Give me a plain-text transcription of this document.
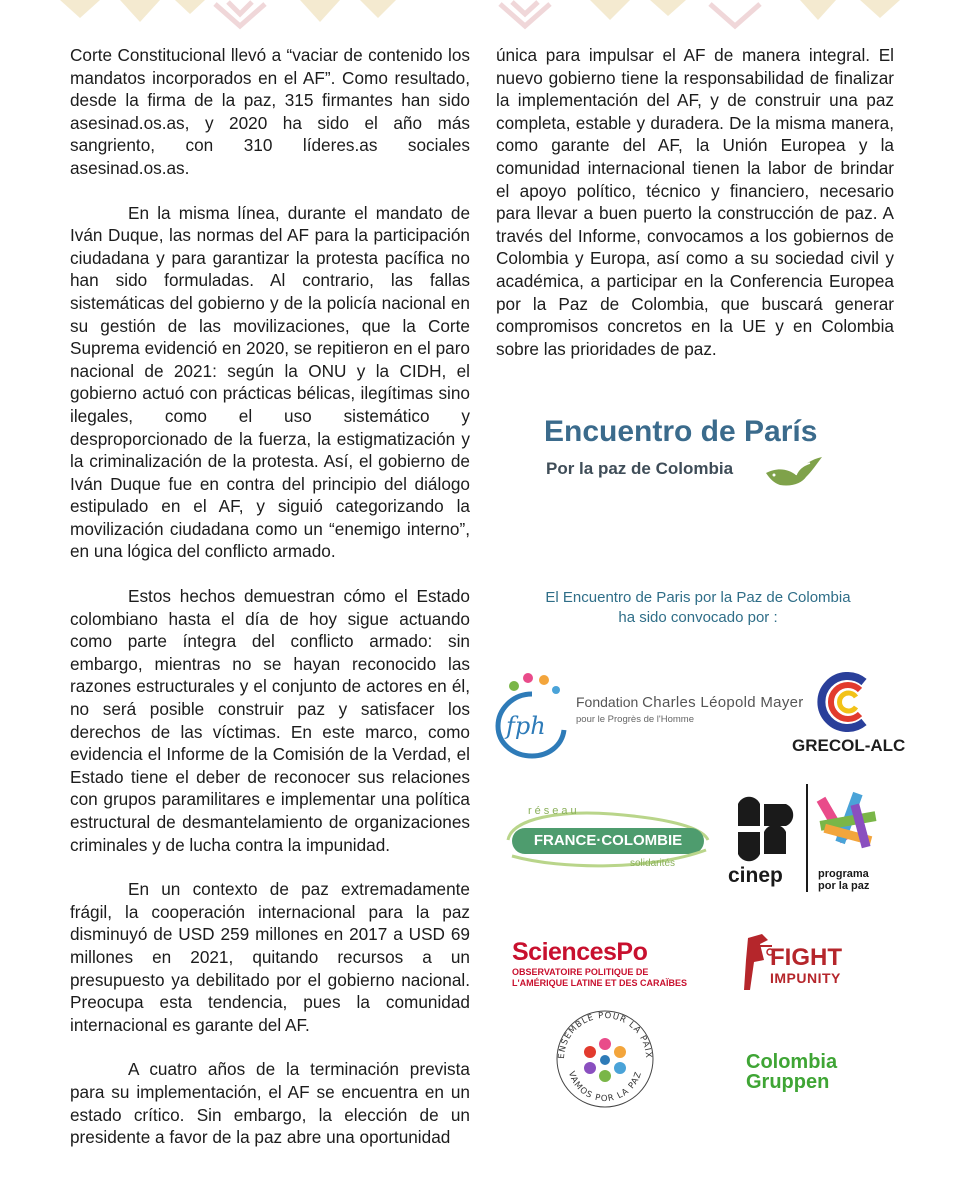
Corte Constitucional llevó a “vaciar de contenido los mandatos incorporados en el AF”. Como resultado, desde la firma de la paz, 315 firmantes han sido asesinad.os.as, y 2020 ha sido el año más sangriento, con 310 líderes.as sociales asesinad.os.as.

En la misma línea, durante el mandato de Iván Duque, las normas del AF para la participación ciudadana y para garantizar la protesta pacífica no han sido formuladas. Al contrario, las fallas sistemáticas del gobierno y de la policía nacional en su gestión de las movilizaciones, que la Corte Suprema evidenció en 2020, se repitieron en el paro nacional de 2021: según la ONU y la CIDH, el gobierno actuó con prácticas bélicas, ilegítimas sino ilegales, como el uso sistemático y desproporcionado de la fuerza, la estigmatización y la criminalización de la protesta. Así, el gobierno de Iván Duque fue en contra del principio del diálogo estipulado en el AF, y siguió categorizando la movilización ciudadana como un “enemigo interno”, en una lógica del conflicto armado.

Estos hechos demuestran cómo el Estado colombiano hasta el día de hoy sigue actuando como parte íntegra del conflicto armado: sin embargo, mientras no se hayan reconocido las razones estructurales y el conjunto de actores en él, no será posible construir paz y satisfacer los derechos de las víctimas. En este marco, como evidencia el Informe de la Comisión de la Verdad, el Estado tiene el deber de reconocer sus relaciones con grupos paramilitares e implementar una política estructural de desmantelamiento de organizaciones criminales y de lucha contra la impunidad.

En un contexto de paz extremadamente frágil, la cooperación internacional para la paz disminuyó de USD 259 millones en 2017 a USD 69 millones en 2021, quitando recursos a un presupuesto ya debilitado por el gobierno nacional. Preocupa esta tendencia, pues la comunidad internacional es garante del AF.

A cuatro años de la terminación prevista para su implementación, el AF se encuentra en un estado crítico. Sin embargo, la elección de un presidente a favor de la paz abre una oportunidad

única para impulsar el AF de manera integral. El nuevo gobierno tiene la responsabilidad de finalizar la implementación del AF, y de construir una paz completa, estable y duradera. De la misma manera, como garante del AF, la Unión Europea y la comunidad internacional tienen la labor de brindar el apoyo político, técnico y financiero, necesario para llevar a buen puerto la construcción de paz. A través del Informe, convocamos a los gobiernos de Colombia y Europa, así como a su sociedad civil y académica, a participar en la Conferencia Europea por la Paz de Colombia, que buscará generar compromisos concretos en la UE y en Colombia sobre las prioridades de paz.

Encuentro de París
Por la paz de Colombia
El Encuentro de Paris por la Paz de Colombia
ha sido convocado por :
fph
Fondation Charles Léopold Mayer
pour le Progrès de l'Homme
GRECOL-ALC
réseau
FRANCE·COLOMBIE
solidarités
cinep	programa
por la paz
SciencesPo
OBSERVATOIRE POLITIQUE DE
L'AMÉRIQUE LATINE ET DES CARAÏBES
FIGHT
IMPUNITY
ENSEMBLE POUR LA PAIX
VAMOS POR LA PAZ
Colombia
Gruppen
